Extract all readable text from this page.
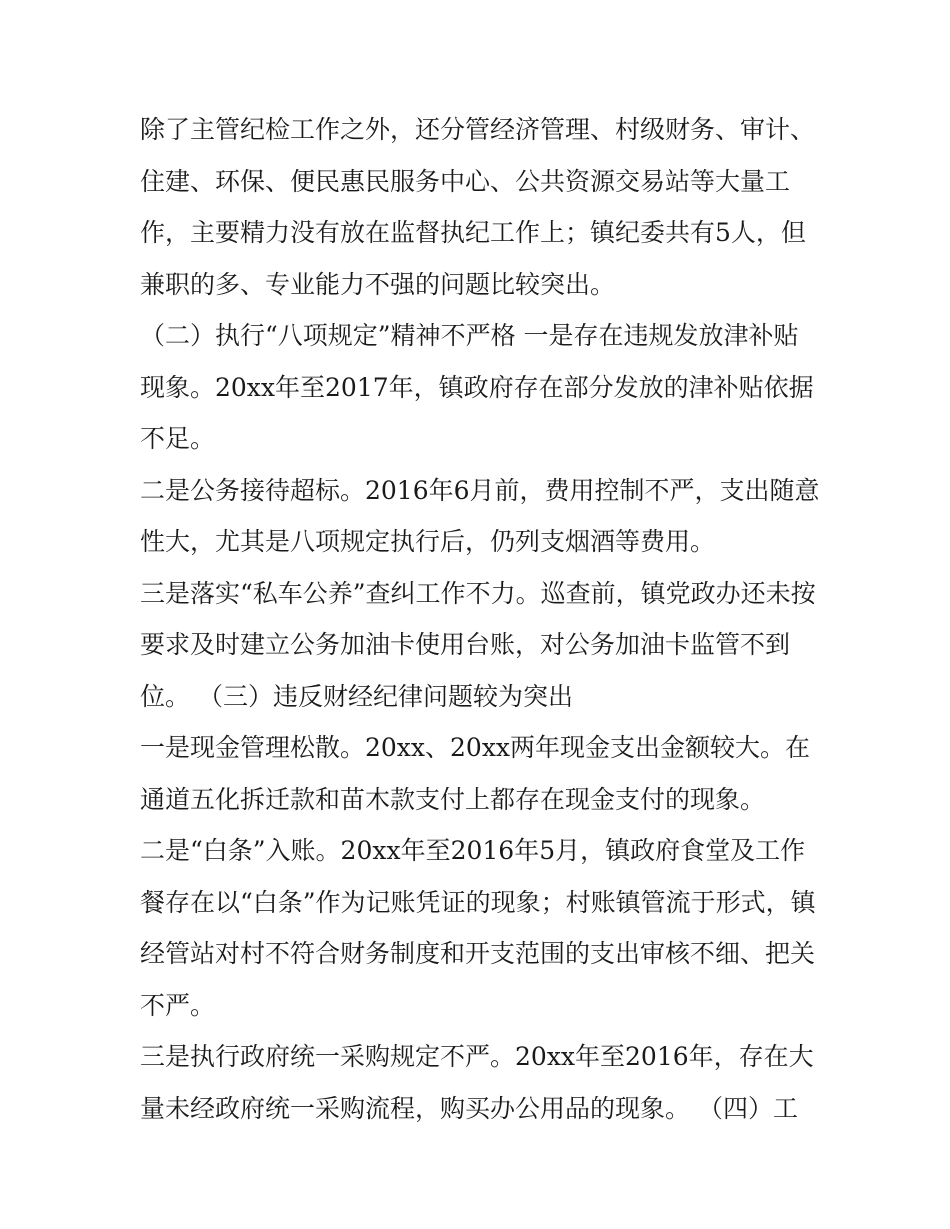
除了主管纪检工作之外，还分管经济管理、村级财务、审计、
住建、环保、便民惠民服务中心、公共资源交易站等大量工
作，主要精力没有放在监督执纪工作上；镇纪委共有5人，但
兼职的多、专业能力不强的问题比较突出。
（二）执行“八项规定”精神不严格 一是存在违规发放津补贴
现象。20xx年至2017年，镇政府存在部分发放的津补贴依据
不足。
二是公务接待超标。2016年6月前，费用控制不严，支出随意
性大，尤其是八项规定执行后，仍列支烟酒等费用。
三是落实“私车公养”查纠工作不力。巡查前，镇党政办还未按
要求及时建立公务加油卡使用台账，对公务加油卡监管不到
位。 （三）违反财经纪律问题较为突出
一是现金管理松散。20xx、20xx两年现金支出金额较大。在
通道五化拆迁款和苗木款支付上都存在现金支付的现象。
二是“白条”入账。20xx年至2016年5月，镇政府食堂及工作
餐存在以“白条”作为记账凭证的现象；村账镇管流于形式，镇
经管站对村不符合财务制度和开支范围的支出审核不细、把关
不严。
三是执行政府统一采购规定不严。20xx年至2016年，存在大
量未经政府统一采购流程，购买办公用品的现象。 （四）工
